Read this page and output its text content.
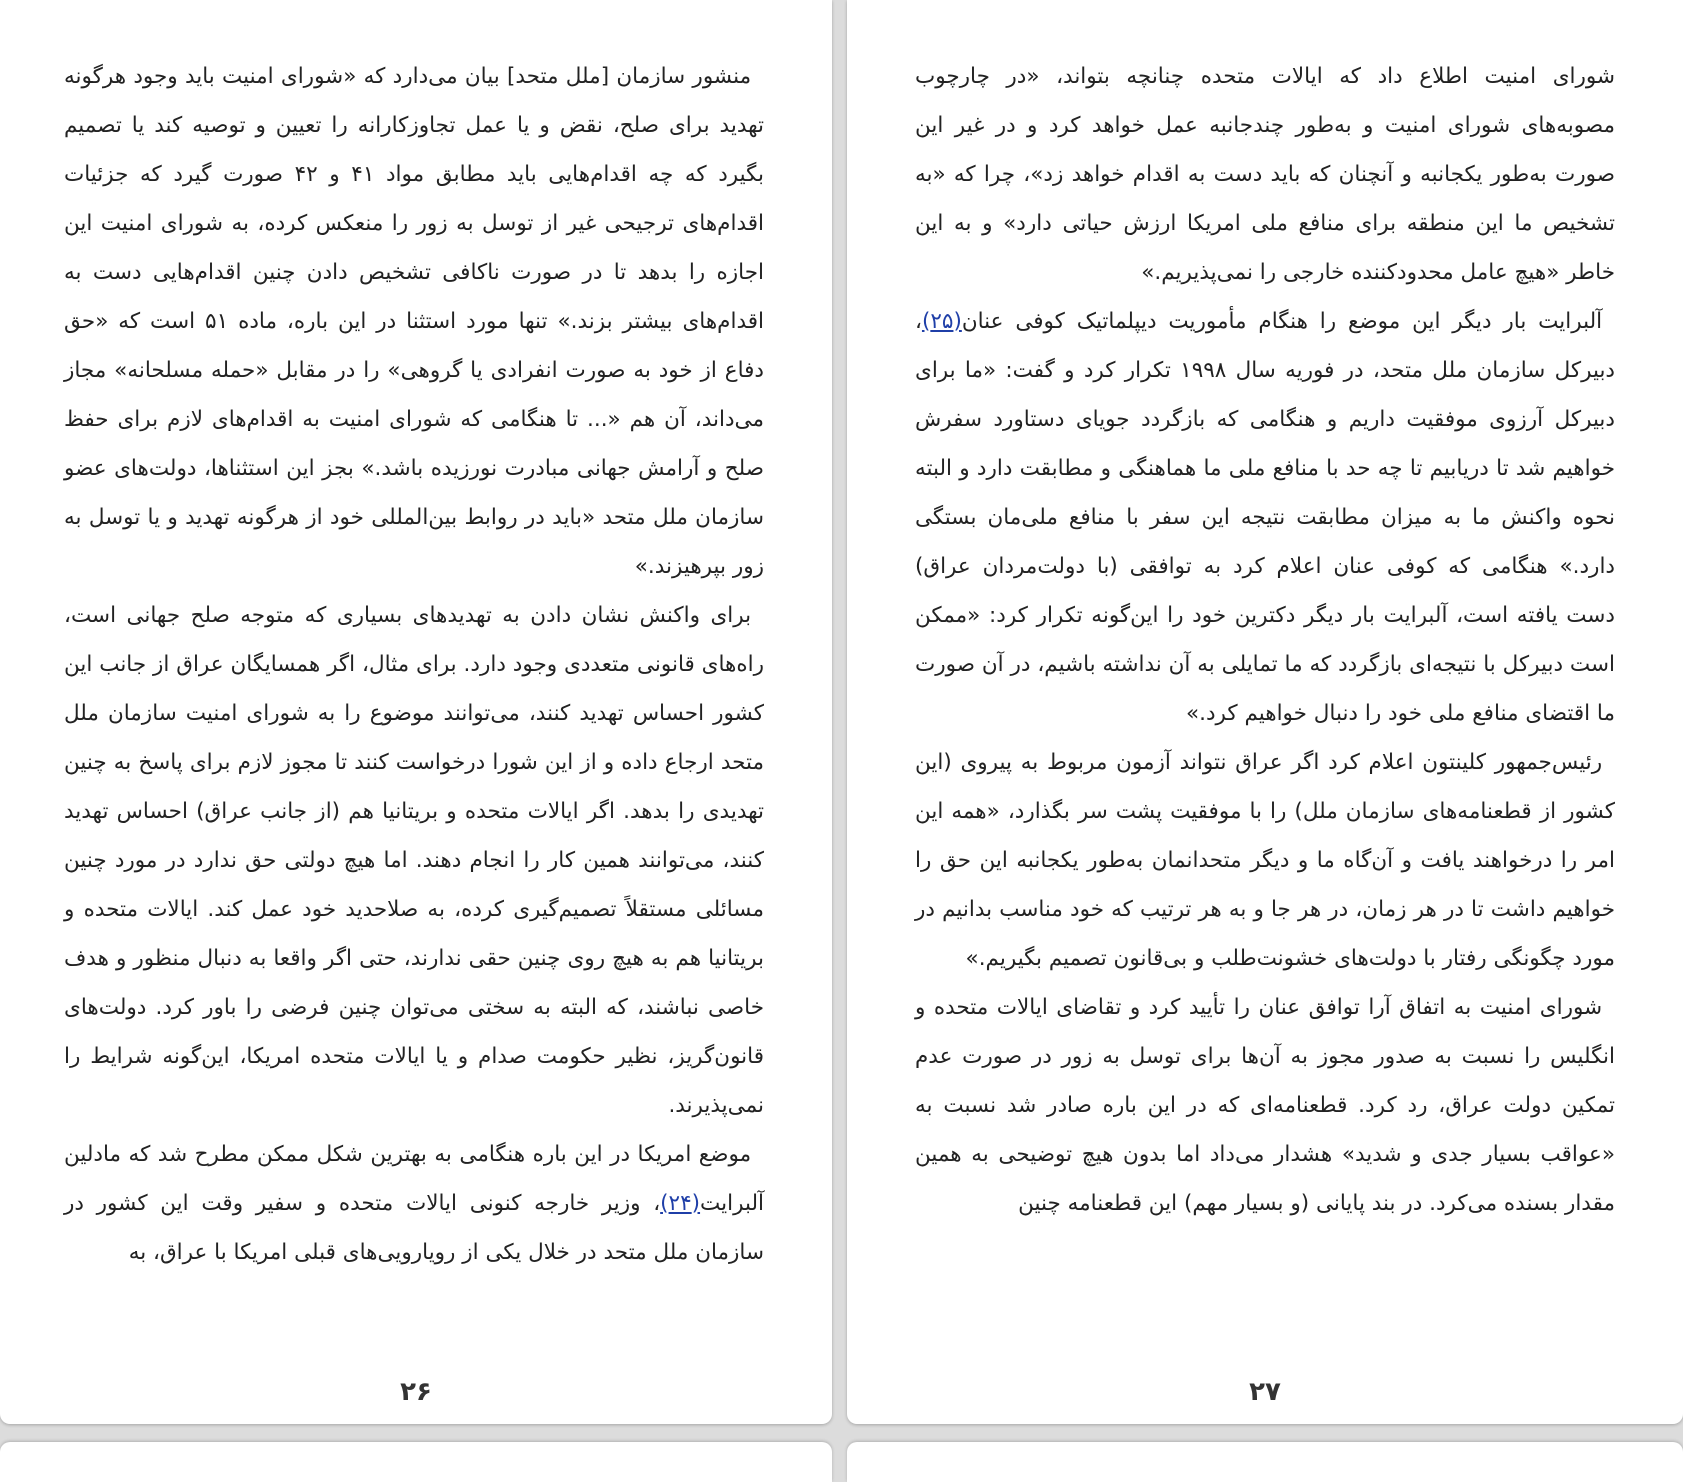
منشور سازمان [ملل متحد] بیان می‌دارد که «شورای امنیت باید وجود هرگونه تهدید برای صلح، نقض و یا عمل تجاوزکارانه را تعیین و توصیه کند یا تصمیم بگیرد که چه اقدام‌هایی باید مطابق مواد ۴۱ و ۴۲ صورت گیرد که جزئیات اقدام‌های ترجیحی غیر از توسل به زور را منعکس کرده، به شورای امنیت این اجازه را بدهد تا در صورت ناکافی تشخیص دادن چنین اقدام‌هایی دست به اقدام‌های بیشتر بزند.» تنها مورد استثنا در این باره، ماده ۵۱ است که «حق دفاع از خود به صورت انفرادی یا گروهی» را در مقابل «حمله مسلحانه» مجاز می‌داند، آن هم «... تا هنگامی که شورای امنیت به اقدام‌های لازم برای حفظ صلح و آرامش جهانی مبادرت نورزیده باشد.» بجز این استثناها، دولت‌های عضو سازمان ملل متحد «باید در روابط بین‌المللی خود از هرگونه تهدید و یا توسل به زور بپرهیزند.»

برای واکنش نشان دادن به تهدیدهای بسیاری که متوجه صلح جهانی است، راه‌های قانونی متعددی وجود دارد. برای مثال، اگر همسایگان عراق از جانب این کشور احساس تهدید کنند، می‌توانند موضوع را به شورای امنیت سازمان ملل متحد ارجاع داده و از این شورا درخواست کنند تا مجوز لازم برای پاسخ به چنین تهدیدی را بدهد. اگر ایالات متحده و بریتانیا هم (از جانب عراق) احساس تهدید کنند، می‌توانند همین کار را انجام دهند. اما هیچ دولتی حق ندارد در مورد چنین مسائلی مستقلاً تصمیم‌گیری کرده، به صلاحدید خود عمل کند. ایالات متحده و بریتانیا هم به هیچ روی چنین حقی ندارند، حتی اگر واقعا به دنبال منظور و هدف خاصی نباشند، که البته به سختی می‌توان چنین فرضی را باور کرد. دولت‌های قانون‌گریز، نظیر حکومت صدام و یا ایالات متحده امریکا، این‌گونه شرایط را نمی‌پذیرند.

موضع امریکا در این باره هنگامی به بهترین شکل ممکن مطرح شد که مادلین آلبرایت(۲۴)، وزیر خارجه کنونی ایالات متحده و سفیر وقت این کشور در سازمان ملل متحد در خلال یکی از رویارویی‌های قبلی امریکا با عراق، به

۲۶

شورای امنیت اطلاع داد که ایالات متحده چنانچه بتواند، «در چارچوب مصوبه‌های شورای امنیت و به‌طور چندجانبه عمل خواهد کرد و در غیر این صورت به‌طور یکجانبه و آنچنان که باید دست به اقدام خواهد زد»، چرا که «به تشخیص ما این منطقه برای منافع ملی امریکا ارزش حیاتی دارد» و به این خاطر «هیچ عامل محدودکننده خارجی را نمی‌پذیریم.»

آلبرایت بار دیگر این موضع را هنگام مأموریت دیپلماتیک کوفی عنان(۲۵)، دبیرکل سازمان ملل متحد، در فوریه سال ۱۹۹۸ تکرار کرد و گفت: «ما برای دبیرکل آرزوی موفقیت داریم و هنگامی که بازگردد جویای دستاورد سفرش خواهیم شد تا دریابیم تا چه حد با منافع ملی ما هماهنگی و مطابقت دارد و البته نحوه واکنش ما به میزان مطابقت نتیجه این سفر با منافع ملی‌مان بستگی دارد.» هنگامی که کوفی عنان اعلام کرد به توافقی (با دولت‌مردان عراق) دست یافته است، آلبرایت بار دیگر دکترین خود را این‌گونه تکرار کرد: «ممکن است دبیرکل با نتیجه‌ای بازگردد که ما تمایلی به آن نداشته باشیم، در آن صورت ما اقتضای منافع ملی خود را دنبال خواهیم کرد.»

رئیس‌جمهور کلینتون اعلام کرد اگر عراق نتواند آزمون مربوط به پیروی (این کشور از قطعنامه‌های سازمان ملل) را با موفقیت پشت سر بگذارد، «همه این امر را درخواهند یافت و آن‌گاه ما و دیگر متحدانمان به‌طور یکجانبه این حق را خواهیم داشت تا در هر زمان، در هر جا و به هر ترتیب که خود مناسب بدانیم در مورد چگونگی رفتار با دولت‌های خشونت‌طلب و بی‌قانون تصمیم بگیریم.»

شورای امنیت به اتفاق آرا توافق عنان را تأیید کرد و تقاضای ایالات متحده و انگلیس را نسبت به صدور مجوز به آن‌ها برای توسل به زور در صورت عدم تمکین دولت عراق، رد کرد. قطعنامه‌ای که در این باره صادر شد نسبت به «عواقب بسیار جدی و شدید» هشدار می‌داد اما بدون هیچ توضیحی به همین مقدار بسنده می‌کرد. در بند پایانی (و بسیار مهم) این قطعنامه چنین

۲۷
